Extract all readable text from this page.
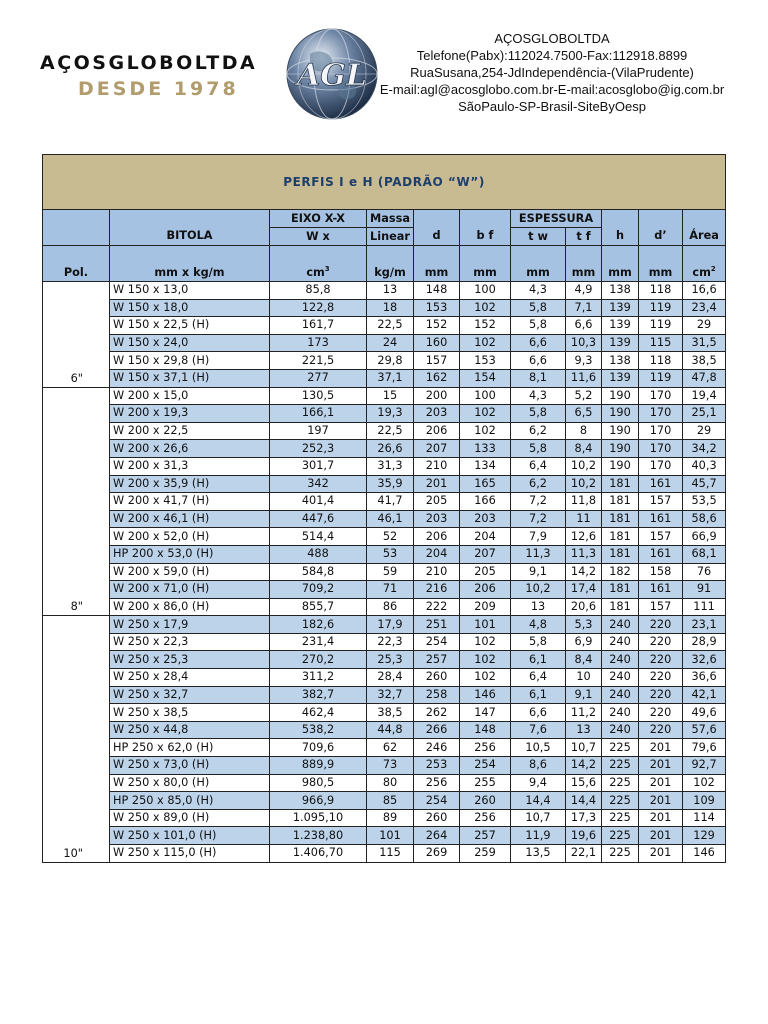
AÇOSGLOBOLTDA
DESDE 1978	AGL
AÇOSGLOBOLTDA
Telefone(Pabx):112024.7500-Fax:112918.8899
RuaSusana,254-JdIndependência-(VilaPrudente)
E-mail:agl@acosglobo.com.br-E-mail:acosglobo@ig.com.br
SãoPaulo-SP-Brasil-SiteByOesp
PERFIS I e H (PADRÃO “W”)										
		EIXO X-X	Massa			ESPESSURA				
	BITOLA	W x	Linear	d	b f	t w	t f	h	d’	Área
Pol.	mm x kg/m	$cm^3$	kg/m	mm	mm	mm	mm	mm	mm	$cm^2$
6"	W 150 x 13,0	85,8	13	148	100	4,3	4,9	138	118	16,6
	W 150 x 18,0	122,8	18	153	102	5,8	7,1	139	119	23,4
	W 150 x 22,5 (H)	161,7	22,5	152	152	5,8	6,6	139	119	29
	W 150 x 24,0	173	24	160	102	6,6	10,3	139	115	31,5
	W 150 x 29,8 (H)	221,5	29,8	157	153	6,6	9,3	138	118	38,5
	W 150 x 37,1 (H)	277	37,1	162	154	8,1	11,6	139	119	47,8
8"	W 200 x 15,0	130,5	15	200	100	4,3	5,2	190	170	19,4
	W 200 x 19,3	166,1	19,3	203	102	5,8	6,5	190	170	25,1
	W 200 x 22,5	197	22,5	206	102	6,2	8	190	170	29
	W 200 x 26,6	252,3	26,6	207	133	5,8	8,4	190	170	34,2
	W 200 x 31,3	301,7	31,3	210	134	6,4	10,2	190	170	40,3
	W 200 x 35,9 (H)	342	35,9	201	165	6,2	10,2	181	161	45,7
	W 200 x 41,7 (H)	401,4	41,7	205	166	7,2	11,8	181	157	53,5
	W 200 x 46,1 (H)	447,6	46,1	203	203	7,2	11	181	161	58,6
	W 200 x 52,0 (H)	514,4	52	206	204	7,9	12,6	181	157	66,9
	HP 200 x 53,0 (H)	488	53	204	207	11,3	11,3	181	161	68,1
	W 200 x 59,0 (H)	584,8	59	210	205	9,1	14,2	182	158	76
	W 200 x 71,0 (H)	709,2	71	216	206	10,2	17,4	181	161	91
	W 200 x 86,0 (H)	855,7	86	222	209	13	20,6	181	157	111
10"	W 250 x 17,9	182,6	17,9	251	101	4,8	5,3	240	220	23,1
	W 250 x 22,3	231,4	22,3	254	102	5,8	6,9	240	220	28,9
	W 250 x 25,3	270,2	25,3	257	102	6,1	8,4	240	220	32,6
	W 250 x 28,4	311,2	28,4	260	102	6,4	10	240	220	36,6
	W 250 x 32,7	382,7	32,7	258	146	6,1	9,1	240	220	42,1
	W 250 x 38,5	462,4	38,5	262	147	6,6	11,2	240	220	49,6
	W 250 x 44,8	538,2	44,8	266	148	7,6	13	240	220	57,6
	HP 250 x 62,0 (H)	709,6	62	246	256	10,5	10,7	225	201	79,6
	W 250 x 73,0 (H)	889,9	73	253	254	8,6	14,2	225	201	92,7
	W 250 x 80,0 (H)	980,5	80	256	255	9,4	15,6	225	201	102
	HP 250 x 85,0 (H)	966,9	85	254	260	14,4	14,4	225	201	109
	W 250 x 89,0 (H)	1.095,10	89	260	256	10,7	17,3	225	201	114
	W 250 x 101,0 (H)	1.238,80	101	264	257	11,9	19,6	225	201	129
	W 250 x 115,0 (H)	1.406,70	115	269	259	13,5	22,1	225	201	146
